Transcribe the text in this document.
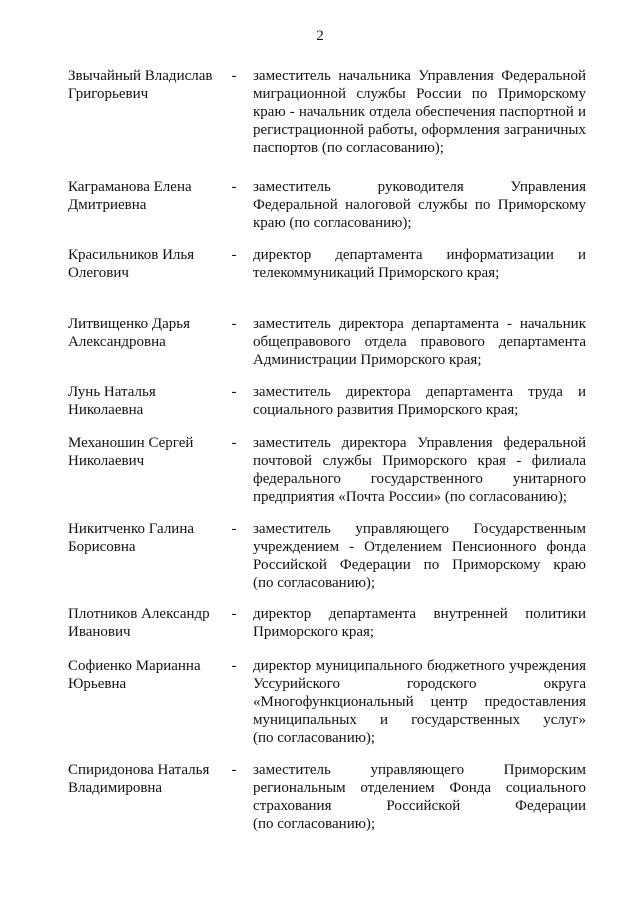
2
Звычайный Владислав
Григорьевич
- заместитель начальника Управления Федеральной
миграционной службы России по Приморскому
краю - начальник отдела обеспечения паспортной и
регистрационной работы, оформления заграничных
паспортов (по согласованию);
Каграманова Елена
Дмитриевна
- заместитель руководителя Управления
Федеральной налоговой службы по Приморскому
краю (по согласованию);
Красильников Илья
Олегович
- директор департамента информатизации и
телекоммуникаций Приморского края;
Литвищенко Дарья
Александровна
- заместитель директора департамента - начальник
общеправового отдела правового департамента
Администрации Приморского края;
Лунь Наталья
Николаевна
- заместитель директора департамента труда и
социального развития Приморского края;
Механошин Сергей
Николаевич
- заместитель директора Управления федеральной
почтовой службы Приморского края - филиала
федерального государственного унитарного
предприятия «Почта России» (по согласованию);
Никитченко Галина
Борисовна
- заместитель управляющего Государственным
учреждением - Отделением Пенсионного фонда
Российской Федерации по Приморскому краю
(по согласованию);
Плотников Александр
Иванович
- директор департамента внутренней политики
Приморского края;
Софиенко Марианна
Юрьевна
- директор муниципального бюджетного учреждения
Уссурийского городского округа
«Многофункциональный центр предоставления
муниципальных и государственных услуг»
(по согласованию);
Спиридонова Наталья
Владимировна
- заместитель управляющего Приморским
региональным отделением Фонда социального
страхования Российской Федерации
(по согласованию);
